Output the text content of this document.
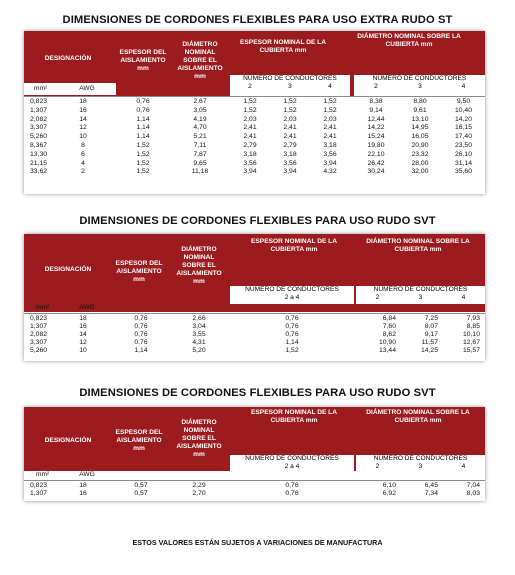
DIMENSIONES DE CORDONES FLEXIBLES PARA USO EXTRA RUDO ST
DESIGNACIÓN
ESPESOR DEL AISLAMIENTO mm
DIÁMETRO NOMINAL SOBRE EL AISLAMIENTO mm
ESPESOR NOMINAL DE LA CUBIERTA mm
DIÁMETRO NOMINAL SOBRE LA CUBIERTA mm
NÚMERO DE CONDUCTORES
2	3	4
NÚMERO DE CONDUCTORES
2	3	4
mm²	AWG
0,823	18	0,76	2,67	1,52	1,52	1,52	8,38	8,80	9,50
1,307	16	0,76	3,05	1,52	1,52	1,52	9,14	9,61	10,40
2,082	14	1,14	4,19	2,03	2,03	2,03	12,44	13,10	14,20
3,307	12	1,14	4,70	2,41	2,41	2,41	14,22	14,95	16,15
5,260	10	1,14	5,21	2,41	2,41	2,41	15,24	16,05	17,40
8,367	8	1,52	7,11	2,79	2,79	3,18	19,80	20,90	23,50
13,30	6	1,52	7,87	3,18	3,18	3,56	22,10	23,32	26,10
21,15	4	1,52	9,65	3,56	3,56	3,94	26,42	28,00	31,14
33,62	2	1,52	11,18	3,94	3,94	4,32	30,24	32,00	35,60
DIMENSIONES DE CORDONES FLEXIBLES PARA USO RUDO SVT
DESIGNACIÓN
ESPESOR DEL AISLAMIENTO mm
DIÁMETRO NOMINAL SOBRE EL AISLAMIENTO mm
ESPESOR NOMINAL DE LA CUBIERTA mm
DIÁMETRO NOMINAL SOBRE LA CUBIERTA mm
NÚMERO DE CONDUCTORES
2 a 4
NÚMERO DE CONDUCTORES
2	3	4
mm²	AWG
0,823	18	0,76	2,66	0,76	6,84	7,25	7,93
1,307	16	0,76	3,04	0,76	7,60	8,07	8,85
2,082	14	0,76	3,55	0,76	8,62	9,17	10,10
3,307	12	0,76	4,31	1,14	10,90	11,57	12,67
5,260	10	1,14	5,20	1,52	13,44	14,25	15,57
DIMENSIONES DE CORDONES FLEXIBLES PARA USO RUDO SVT
DESIGNACIÓN
ESPESOR DEL AISLAMIENTO mm
DIÁMETRO NOMINAL SOBRE EL AISLAMIENTO mm
ESPESOR NOMINAL DE LA CUBIERTA mm
DIÁMETRO NOMINAL SOBRE LA CUBIERTA mm
NÚMERO DE CONDUCTORES
2 a 4
NÚMERO DE CONDUCTORES
2	3	4
mm²	AWG
0,823	18	0,57	2,29	0,76	6,10	6,45	7,04
1,307	16	0,57	2,70	0,76	6,92	7,34	8,03
ESTOS VALORES ESTÁN SUJETOS A VARIACIONES DE MANUFACTURA
